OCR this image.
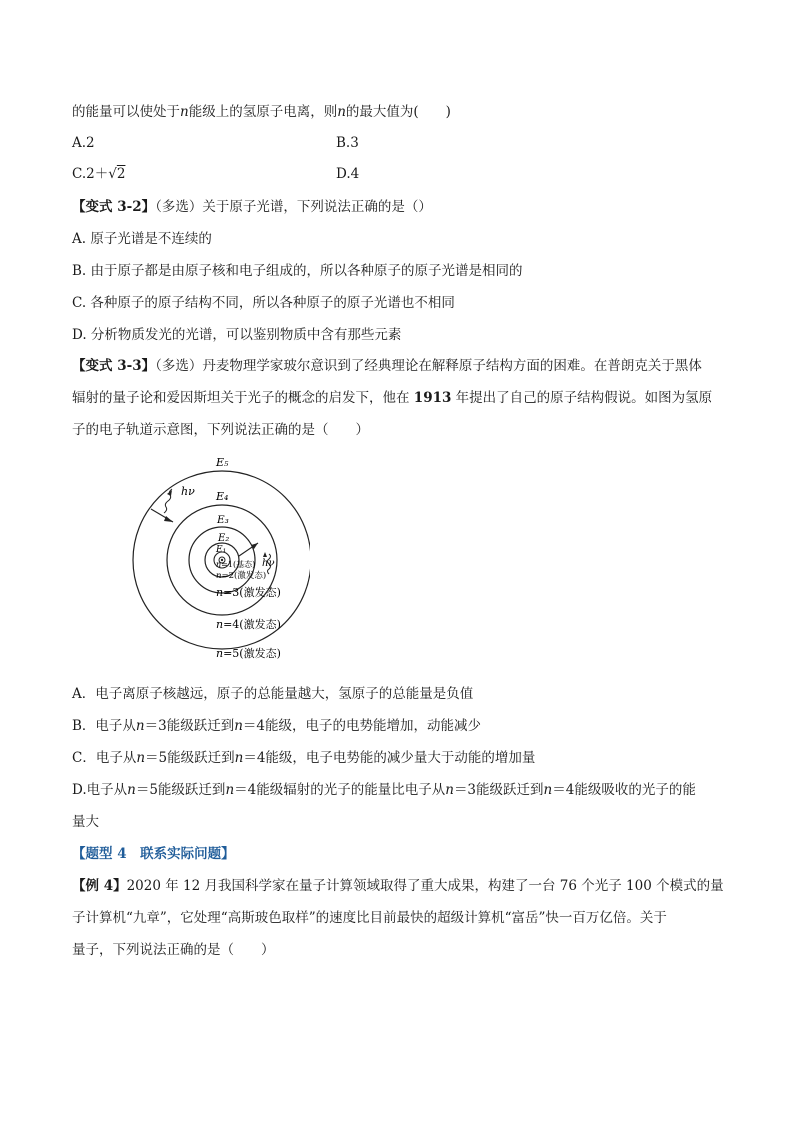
的能量可以使处于n能级上的氢原子电离，则n的最大值为(　　)
A.2	B.3
C.2＋√2	D.4
【变式 3-2】（多选）关于原子光谱，下列说法正确的是（）
A. 原子光谱是不连续的
B. 由于原子都是由原子核和电子组成的，所以各种原子的原子光谱是相同的
C. 各种原子的原子结构不同，所以各种原子的原子光谱也不相同
D. 分析物质发光的光谱，可以鉴别物质中含有那些元素
【变式 3-3】（多选）丹麦物理学家玻尔意识到了经典理论在解释原子结构方面的困难。在普朗克关于黑体
辐射的量子论和爱因斯坦关于光子的概念的启发下，他在 1913 年提出了自己的原子结构假说。如图为氢原
子的电子轨道示意图，下列说法正确的是（　　）
hν
hν
E₅
E₄
E₃
E₂
E₁
n=1(基态)
n=2(激发态)
n=3(激发态)
n=4(激发态)
n=5(激发态)
A．电子离原子核越远，原子的总能量越大，氢原子的总能量是负值
B．电子从n＝3能级跃迁到n＝4能级，电子的电势能增加，动能减少
C．电子从n＝5能级跃迁到n＝4能级，电子电势能的减少量大于动能的增加量
D.电子从n＝5能级跃迁到n＝4能级辐射的光子的能量比电子从n＝3能级跃迁到n＝4能级吸收的光子的能
量大
【题型 4　联系实际问题】
【例 4】2020 年 12 月我国科学家在量子计算领域取得了重大成果，构建了一台 76 个光子 100 个模式的量
子计算机“九章”，它处理“高斯玻色取样”的速度比目前最快的超级计算机“富岳”快一百万亿倍。关于
量子，下列说法正确的是（　　）
